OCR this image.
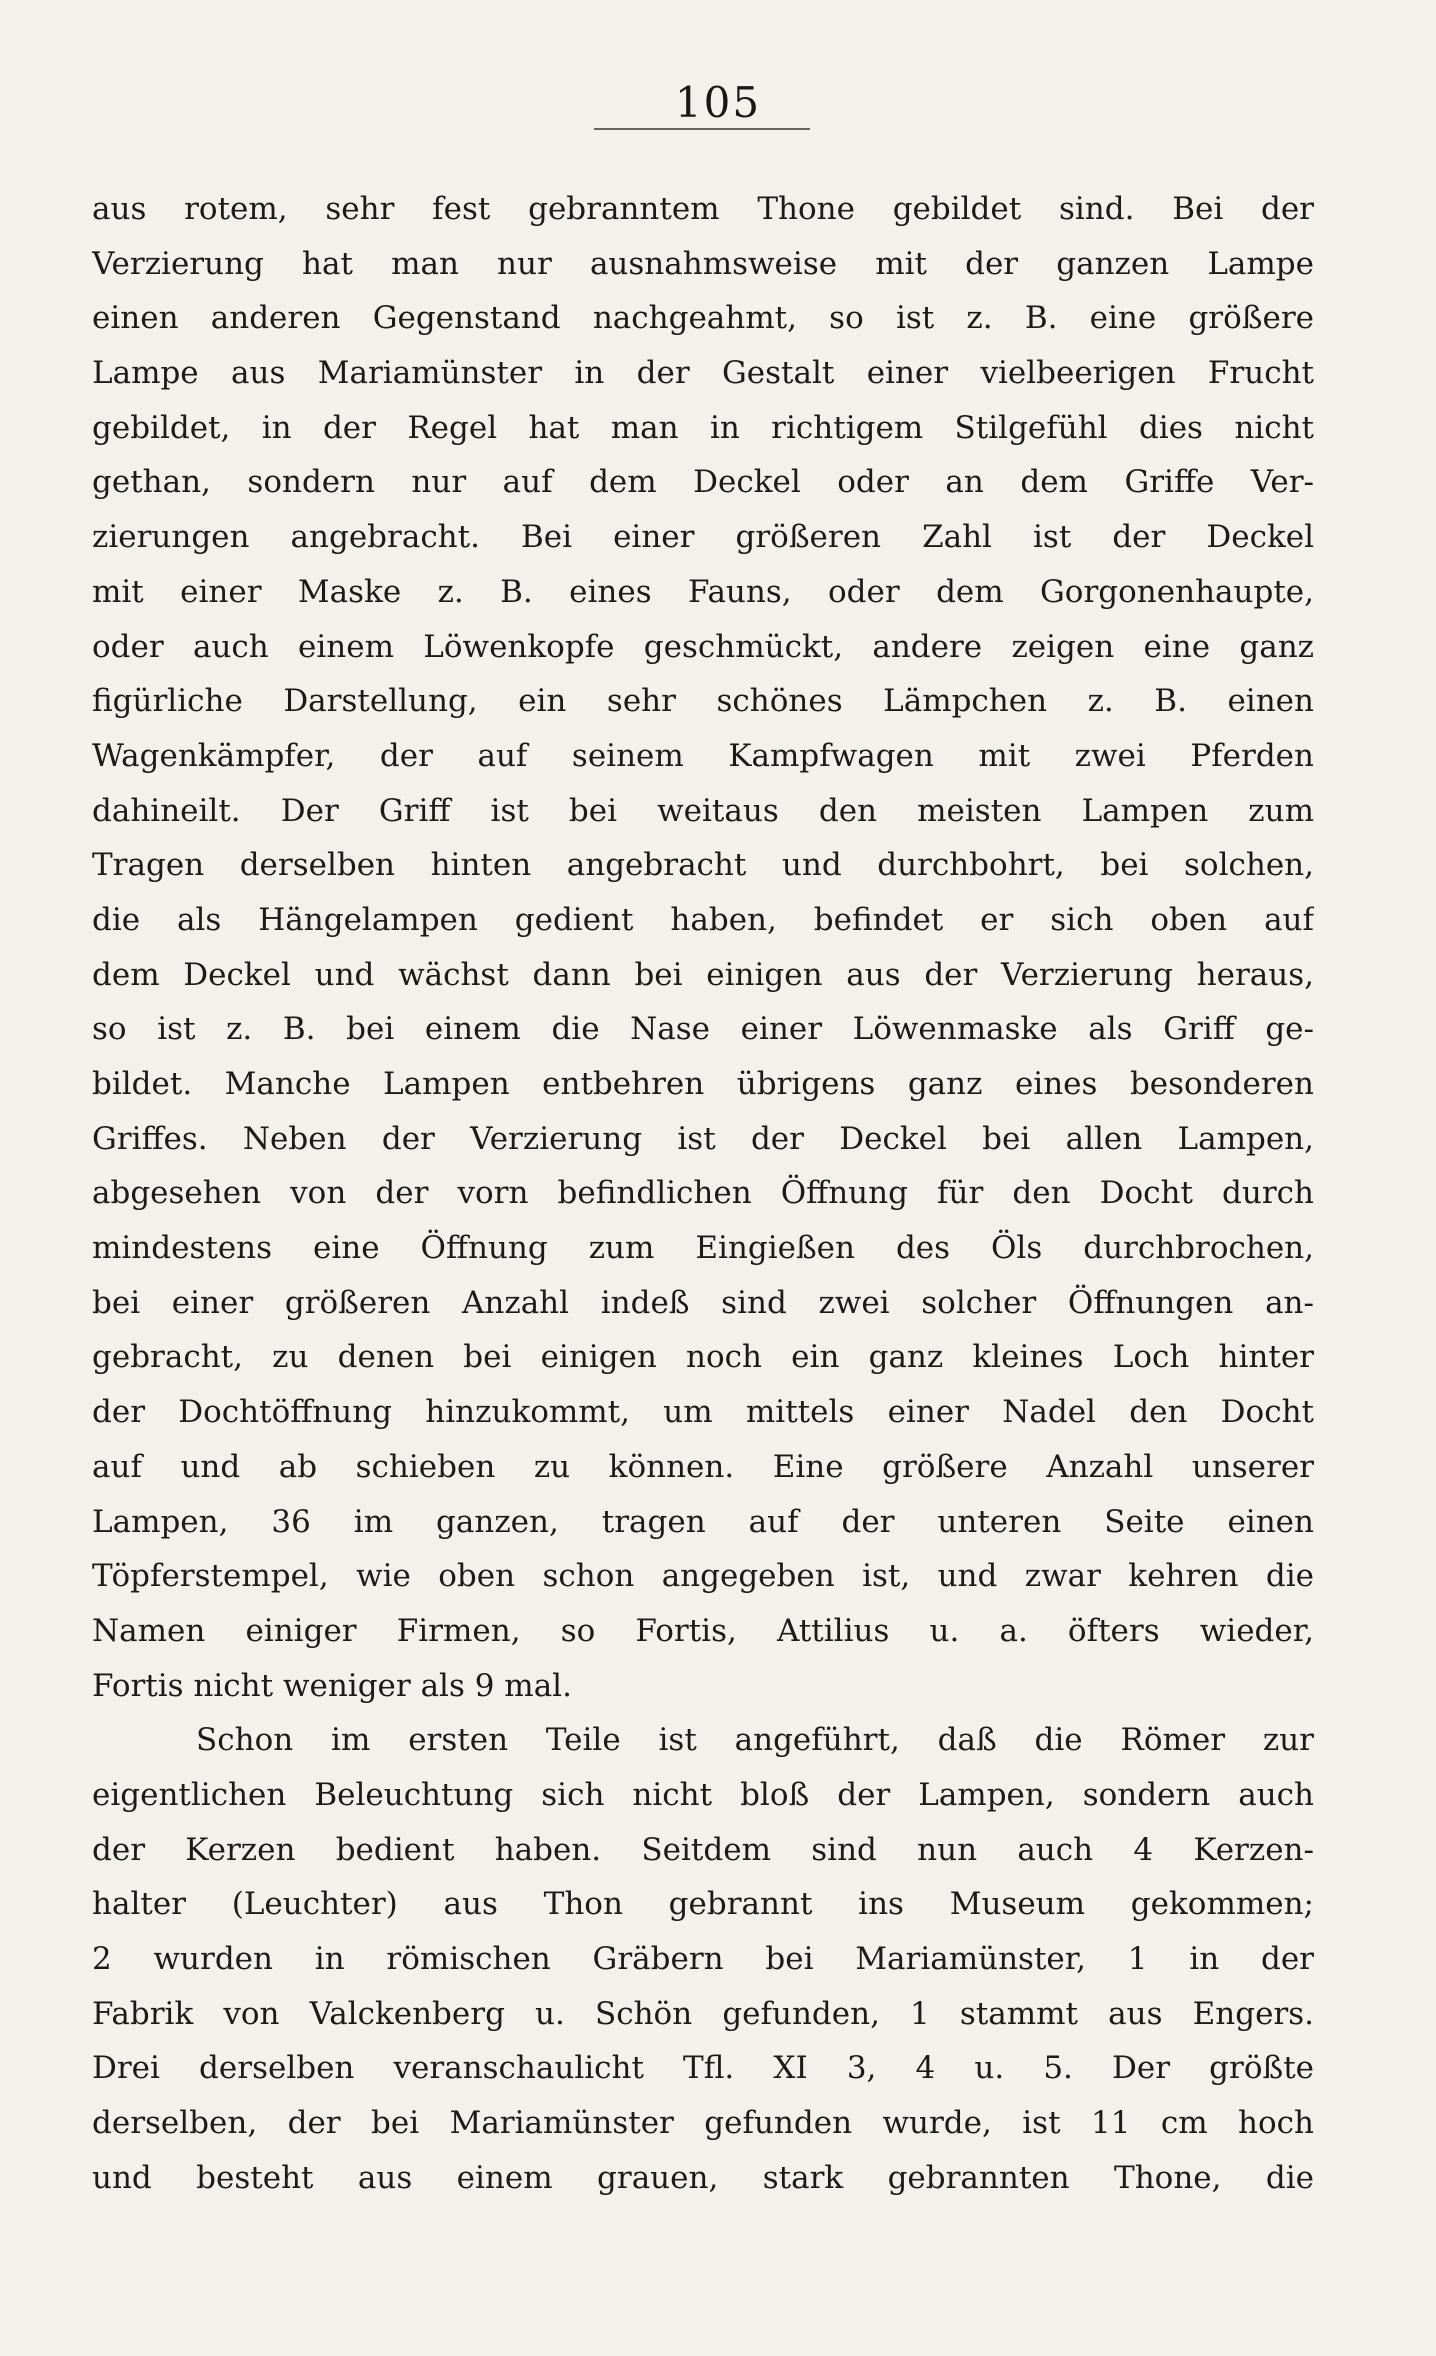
105
aus rotem, sehr fest gebranntem Thone gebildet sind. Bei der
Verzierung hat man nur ausnahmsweise mit der ganzen Lampe
einen anderen Gegenstand nachgeahmt, so ist z. B. eine größere
Lampe aus Mariamünster in der Gestalt einer vielbeerigen Frucht
gebildet, in der Regel hat man in richtigem Stilgefühl dies nicht
gethan, sondern nur auf dem Deckel oder an dem Griffe Ver-
zierungen angebracht. Bei einer größeren Zahl ist der Deckel
mit einer Maske z. B. eines Fauns, oder dem Gorgonenhaupte,
oder auch einem Löwenkopfe geschmückt, andere zeigen eine ganz
figürliche Darstellung, ein sehr schönes Lämpchen z. B. einen
Wagenkämpfer, der auf seinem Kampfwagen mit zwei Pferden
dahineilt. Der Griff ist bei weitaus den meisten Lampen zum
Tragen derselben hinten angebracht und durchbohrt, bei solchen,
die als Hängelampen gedient haben, befindet er sich oben auf
dem Deckel und wächst dann bei einigen aus der Verzierung heraus,
so ist z. B. bei einem die Nase einer Löwenmaske als Griff ge-
bildet. Manche Lampen entbehren übrigens ganz eines besonderen
Griffes. Neben der Verzierung ist der Deckel bei allen Lampen,
abgesehen von der vorn befindlichen Öffnung für den Docht durch
mindestens eine Öffnung zum Eingießen des Öls durchbrochen,
bei einer größeren Anzahl indeß sind zwei solcher Öffnungen an-
gebracht, zu denen bei einigen noch ein ganz kleines Loch hinter
der Dochtöffnung hinzukommt, um mittels einer Nadel den Docht
auf und ab schieben zu können. Eine größere Anzahl unserer
Lampen, 36 im ganzen, tragen auf der unteren Seite einen
Töpferstempel, wie oben schon angegeben ist, und zwar kehren die
Namen einiger Firmen, so Fortis, Attilius u. a. öfters wieder,
Fortis nicht weniger als 9 mal.
Schon im ersten Teile ist angeführt, daß die Römer zur
eigentlichen Beleuchtung sich nicht bloß der Lampen, sondern auch
der Kerzen bedient haben. Seitdem sind nun auch 4 Kerzen-
halter (Leuchter) aus Thon gebrannt ins Museum gekommen;
2 wurden in römischen Gräbern bei Mariamünster, 1 in der
Fabrik von Valckenberg u. Schön gefunden, 1 stammt aus Engers.
Drei derselben veranschaulicht Tfl. XI 3, 4 u. 5. Der größte
derselben, der bei Mariamünster gefunden wurde, ist 11 cm hoch
und besteht aus einem grauen, stark gebrannten Thone, die
